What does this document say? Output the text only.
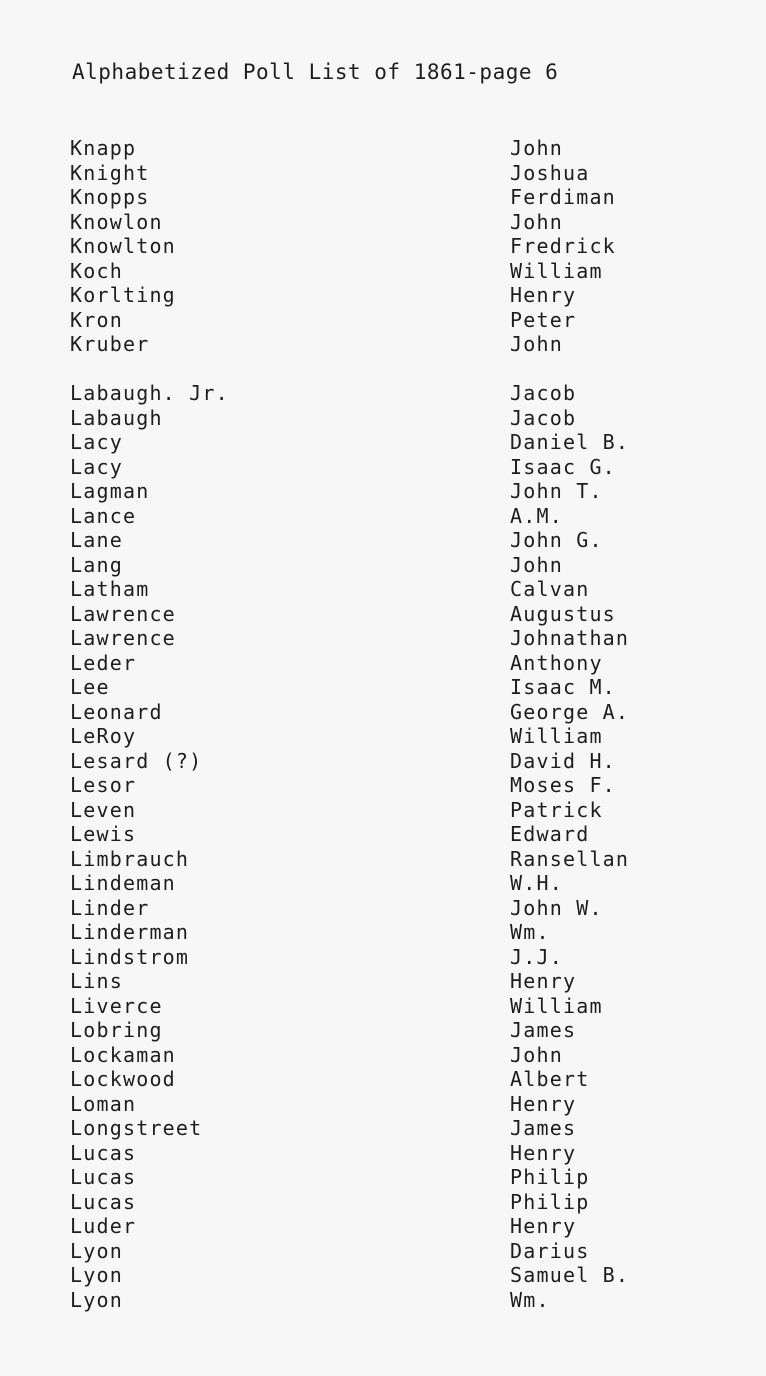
Alphabetized Poll List of 1861-page 6
Knapp	John
Knight	Joshua
Knopps	Ferdiman
Knowlon	John
Knowlton	Fredrick
Koch	William
Korlting	Henry
Kron	Peter
Kruber	John
Labaugh. Jr.	Jacob
Labaugh	Jacob
Lacy	Daniel B.
Lacy	Isaac G.
Lagman	John T.
Lance	A.M.
Lane	John G.
Lang	John
Latham	Calvan
Lawrence	Augustus
Lawrence	Johnathan
Leder	Anthony
Lee	Isaac M.
Leonard	George A.
LeRoy	William
Lesard (?)	David H.
Lesor	Moses F.
Leven	Patrick
Lewis	Edward
Limbrauch	Ransellan
Lindeman	W.H.
Linder	John W.
Linderman	Wm.
Lindstrom	J.J.
Lins	Henry
Liverce	William
Lobring	James
Lockaman	John
Lockwood	Albert
Loman	Henry
Longstreet	James
Lucas	Henry
Lucas	Philip
Lucas	Philip
Luder	Henry
Lyon	Darius
Lyon	Samuel B.
Lyon	Wm.
